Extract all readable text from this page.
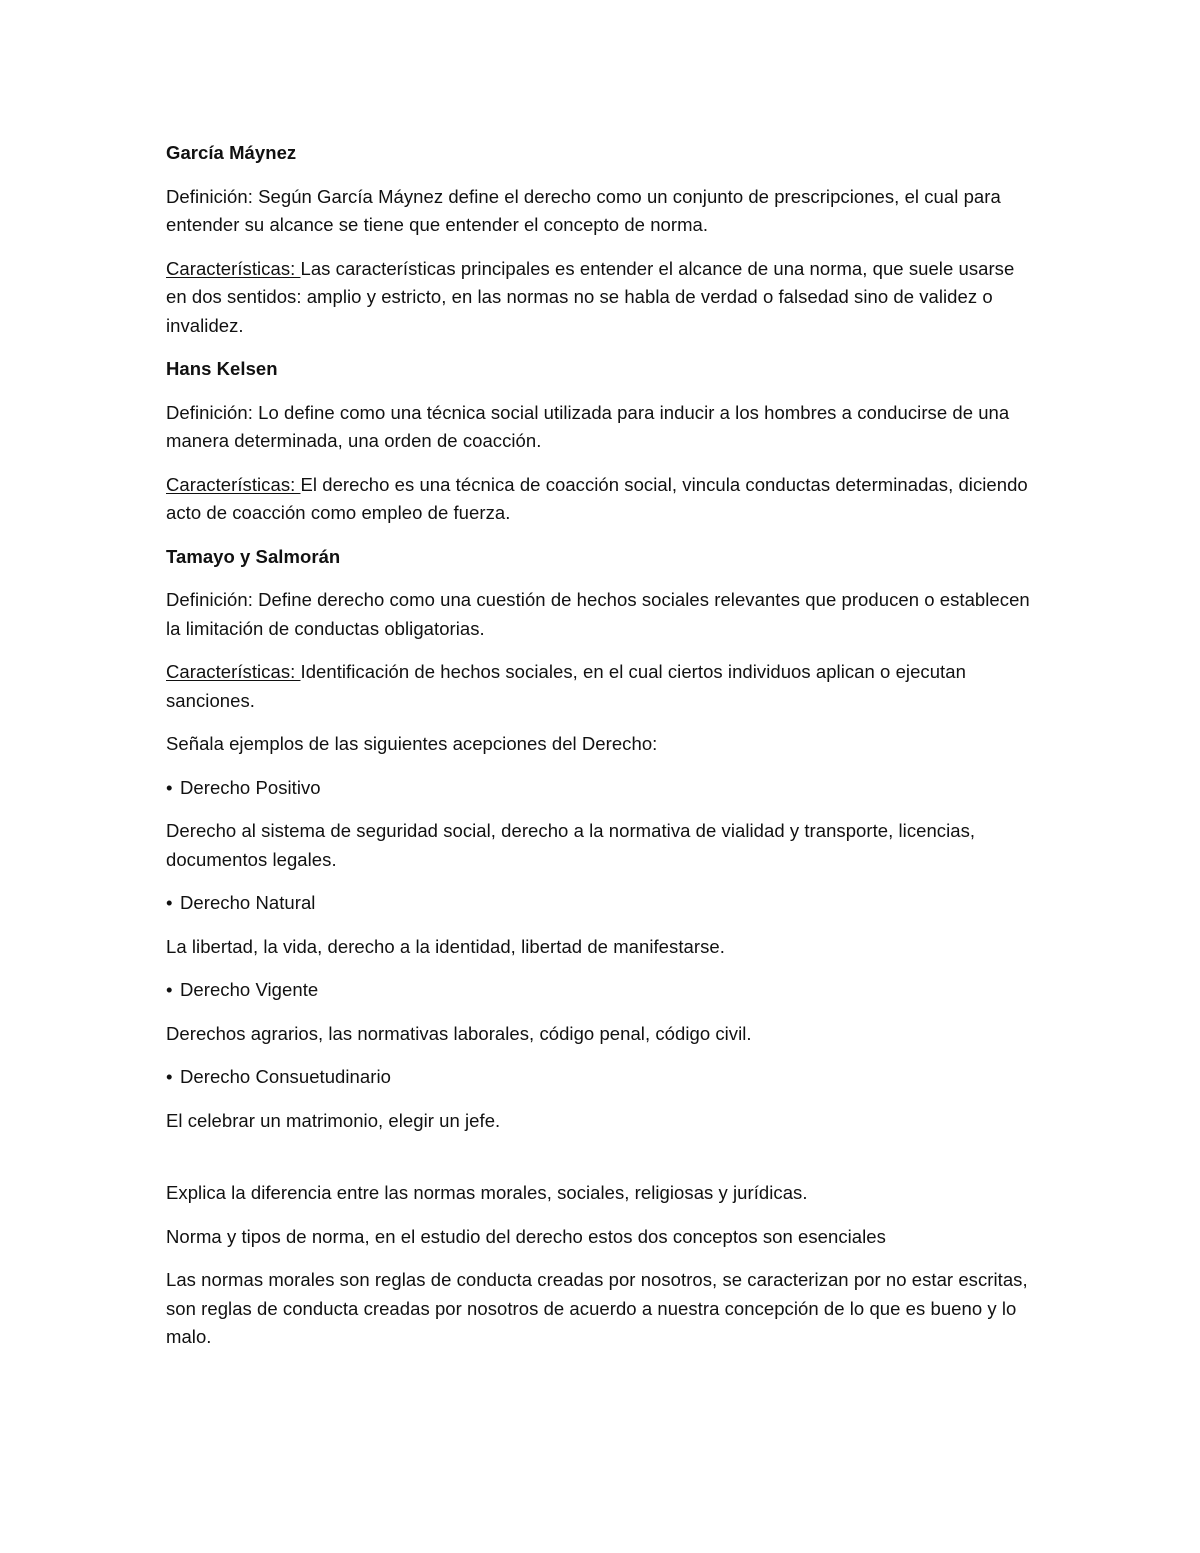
García Máynez

Definición: Según García Máynez define el derecho como un conjunto de prescripciones, el cual para entender su alcance se tiene que entender el concepto de norma.

Características: Las características principales es entender el alcance de una norma, que suele usarse en dos sentidos: amplio y estricto, en las normas no se habla de verdad o falsedad sino de validez o invalidez.

Hans Kelsen

Definición: Lo define como una técnica social utilizada para inducir a los hombres a conducirse de una manera determinada, una orden de coacción.

Características: El derecho es una técnica de coacción social, vincula conductas determinadas, diciendo acto de coacción como empleo de fuerza.

Tamayo y Salmorán

Definición: Define derecho como una cuestión de hechos sociales relevantes que producen o establecen la limitación de conductas obligatorias.

Características: Identificación de hechos sociales, en el cual ciertos individuos aplican o ejecutan sanciones.

Señala ejemplos de las siguientes acepciones del Derecho:

• Derecho Positivo

Derecho al sistema de seguridad social, derecho a la normativa de vialidad y transporte, licencias, documentos legales.

• Derecho Natural

La libertad, la vida, derecho a la identidad, libertad de manifestarse.

• Derecho Vigente

Derechos agrarios, las normativas laborales, código penal, código civil.

• Derecho Consuetudinario

El celebrar un matrimonio, elegir un jefe.

Explica la diferencia entre las normas morales, sociales, religiosas y jurídicas.

Norma y tipos de norma, en el estudio del derecho estos dos conceptos son esenciales

Las normas morales son reglas de conducta creadas por nosotros, se caracterizan por no estar escritas, son reglas de conducta creadas por nosotros de acuerdo a nuestra concepción de lo que es bueno y lo malo.
